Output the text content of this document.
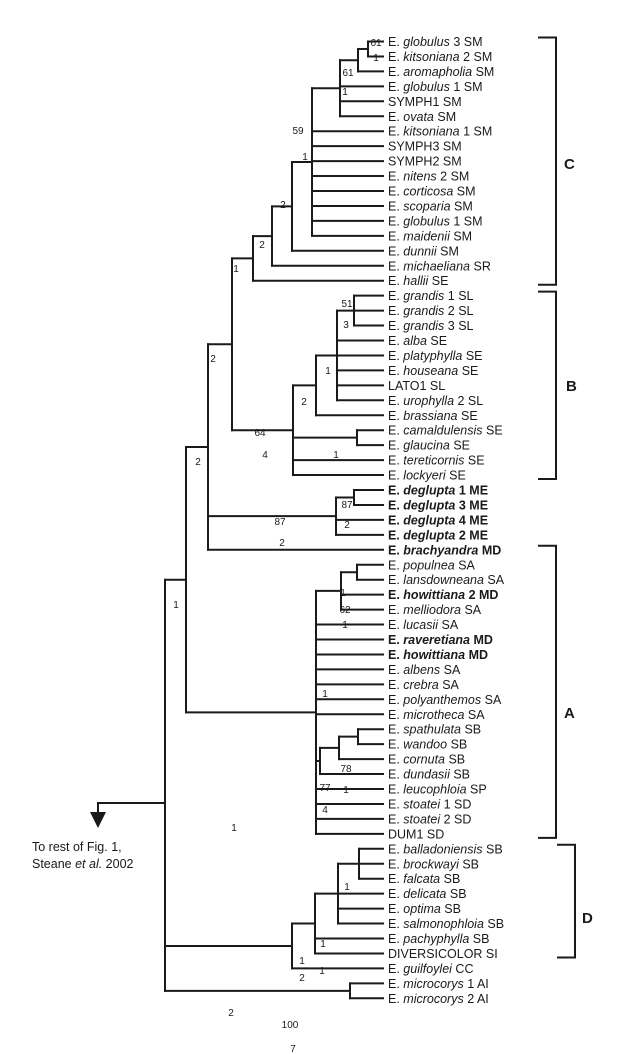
E. globulus 3 SM
E. kitsoniana 2 SM
E. aromapholia SM
E. globulus 1 SM
SYMPH1 SM
E. ovata SM
E. kitsoniana 1 SM
SYMPH3 SM
SYMPH2 SM
E. nitens 2 SM
E. corticosa SM
E. scoparia SM
E. globulus 1 SM
E. maidenii SM
E. dunnii SM
E. michaeliana SR
E. hallii SE
E. grandis 1 SL
E. grandis 2 SL
E. grandis 3 SL
E. alba SE
E. platyphylla SE
E. houseana SE
LATO1 SL
E. urophylla 2 SL
E. brassiana SE
E. camaldulensis SE
E. glaucina SE
E. tereticornis SE
E. lockyeri SE
E. deglupta 1 ME
E. deglupta 3 ME
E. deglupta 4 ME
E. deglupta 2 ME
E. brachyandra MD
E. populnea SA
E. lansdowneana SA
E. howittiana 2 MD
E. melliodora SA
E. lucasii SA
E. raveretiana MD
E. howittiana MD
E. albens SA
E. crebra SA
E. polyanthemos SA
E. microtheca SA
E. spathulata SB
E. wandoo SB
E. cornuta SB
E. dundasii SB
E. leucophloia SP
E. stoatei 1 SD
E. stoatei 2 SD
DUM1 SD
E. balladoniensis SB
E. brockwayi SB
E. falcata SB
E. delicata SB
E. optima SB
E. salmonophloia SB
E. pachyphylla SB
DIVERSICOLOR SI
E. guilfoylei CC
E. microcorys 1 AI
E. microcorys 2 AI
61
1
61
1
59
1
2
2
1
51
3
1
2
64
4	1
2
2
87
2
87
2
1
1
62
1
1
78
77 1
4
1
1
1
1
1
2
2
100
7
To rest of Fig. 1,
Steane et al. 2002
C
B
A
D
